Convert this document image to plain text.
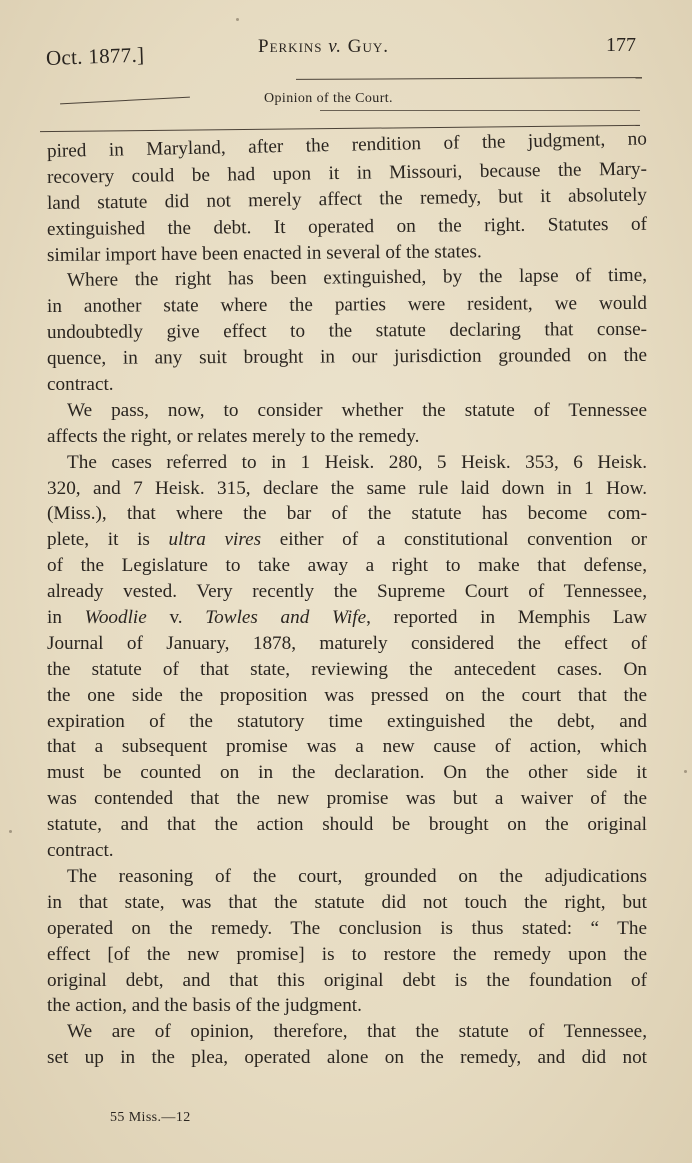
Oct. 1877.]	Perkins v. Guy.	177
Opinion of the Court.
pired in Maryland, after the rendition of the judgment, no
recovery could be had upon it in Missouri, because the Mary-
land statute did not merely affect the remedy, but it absolutely
extinguished the debt. It operated on the right. Statutes of
similar import have been enacted in several of the states.
Where the right has been extinguished, by the lapse of time,
in another state where the parties were resident, we would
undoubtedly give effect to the statute declaring that conse-
quence, in any suit brought in our jurisdiction grounded on the
contract.
We pass, now, to consider whether the statute of Tennessee
affects the right, or relates merely to the remedy.
The cases referred to in 1 Heisk. 280, 5 Heisk. 353, 6 Heisk.
320, and 7 Heisk. 315, declare the same rule laid down in 1 How.
(Miss.), that where the bar of the statute has become com-
plete, it is ultra vires either of a constitutional convention or
of the Legislature to take away a right to make that defense,
already vested. Very recently the Supreme Court of Tennessee,
in Woodlie v. Towles and Wife, reported in Memphis Law
Journal of January, 1878, maturely considered the effect of
the statute of that state, reviewing the antecedent cases. On
the one side the proposition was pressed on the court that the
expiration of the statutory time extinguished the debt, and
that a subsequent promise was a new cause of action, which
must be counted on in the declaration. On the other side it
was contended that the new promise was but a waiver of the
statute, and that the action should be brought on the original
contract.
The reasoning of the court, grounded on the adjudications
in that state, was that the statute did not touch the right, but
operated on the remedy. The conclusion is thus stated: “ The
effect [of the new promise] is to restore the remedy upon the
original debt, and that this original debt is the foundation of
the action, and the basis of the judgment.
We are of opinion, therefore, that the statute of Tennessee,
set up in the plea, operated alone on the remedy, and did not
55 Miss.—12
